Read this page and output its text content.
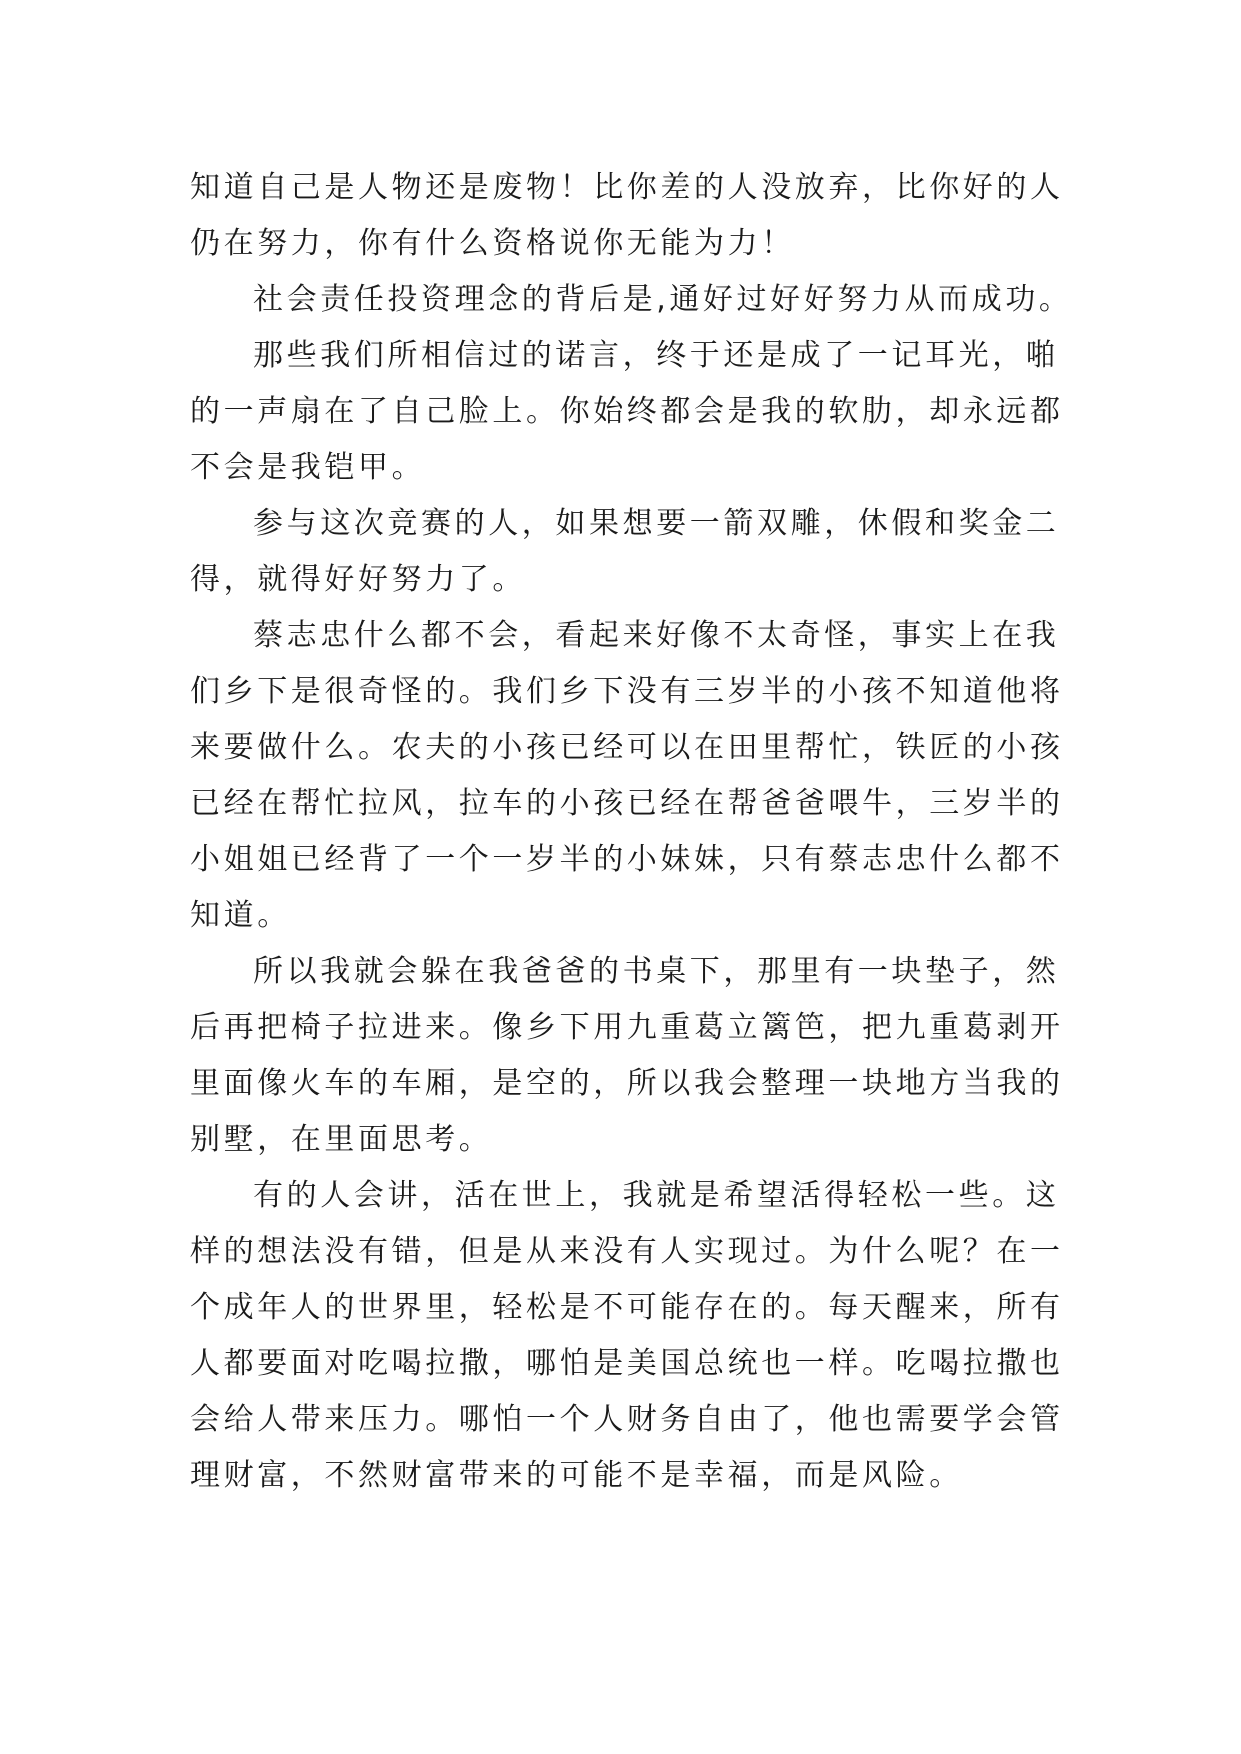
知道自己是人物还是废物！比你差的人没放弃，比你好的人
仍在努力，你有什么资格说你无能为力！
社会责任投资理念的背后是,通好过好好努力从而成功。
那些我们所相信过的诺言，终于还是成了一记耳光，啪
的一声扇在了自己脸上。你始终都会是我的软肋，却永远都
不会是我铠甲。
参与这次竞赛的人，如果想要一箭双雕，休假和奖金二
得，就得好好努力了。
蔡志忠什么都不会，看起来好像不太奇怪，事实上在我
们乡下是很奇怪的。我们乡下没有三岁半的小孩不知道他将
来要做什么。农夫的小孩已经可以在田里帮忙，铁匠的小孩
已经在帮忙拉风，拉车的小孩已经在帮爸爸喂牛，三岁半的
小姐姐已经背了一个一岁半的小妹妹，只有蔡志忠什么都不
知道。
所以我就会躲在我爸爸的书桌下，那里有一块垫子，然
后再把椅子拉进来。像乡下用九重葛立篱笆，把九重葛剥开
里面像火车的车厢，是空的，所以我会整理一块地方当我的
别墅，在里面思考。
有的人会讲，活在世上，我就是希望活得轻松一些。这
样的想法没有错，但是从来没有人实现过。为什么呢？在一
个成年人的世界里，轻松是不可能存在的。每天醒来，所有
人都要面对吃喝拉撒，哪怕是美国总统也一样。吃喝拉撒也
会给人带来压力。哪怕一个人财务自由了，他也需要学会管
理财富，不然财富带来的可能不是幸福，而是风险。
